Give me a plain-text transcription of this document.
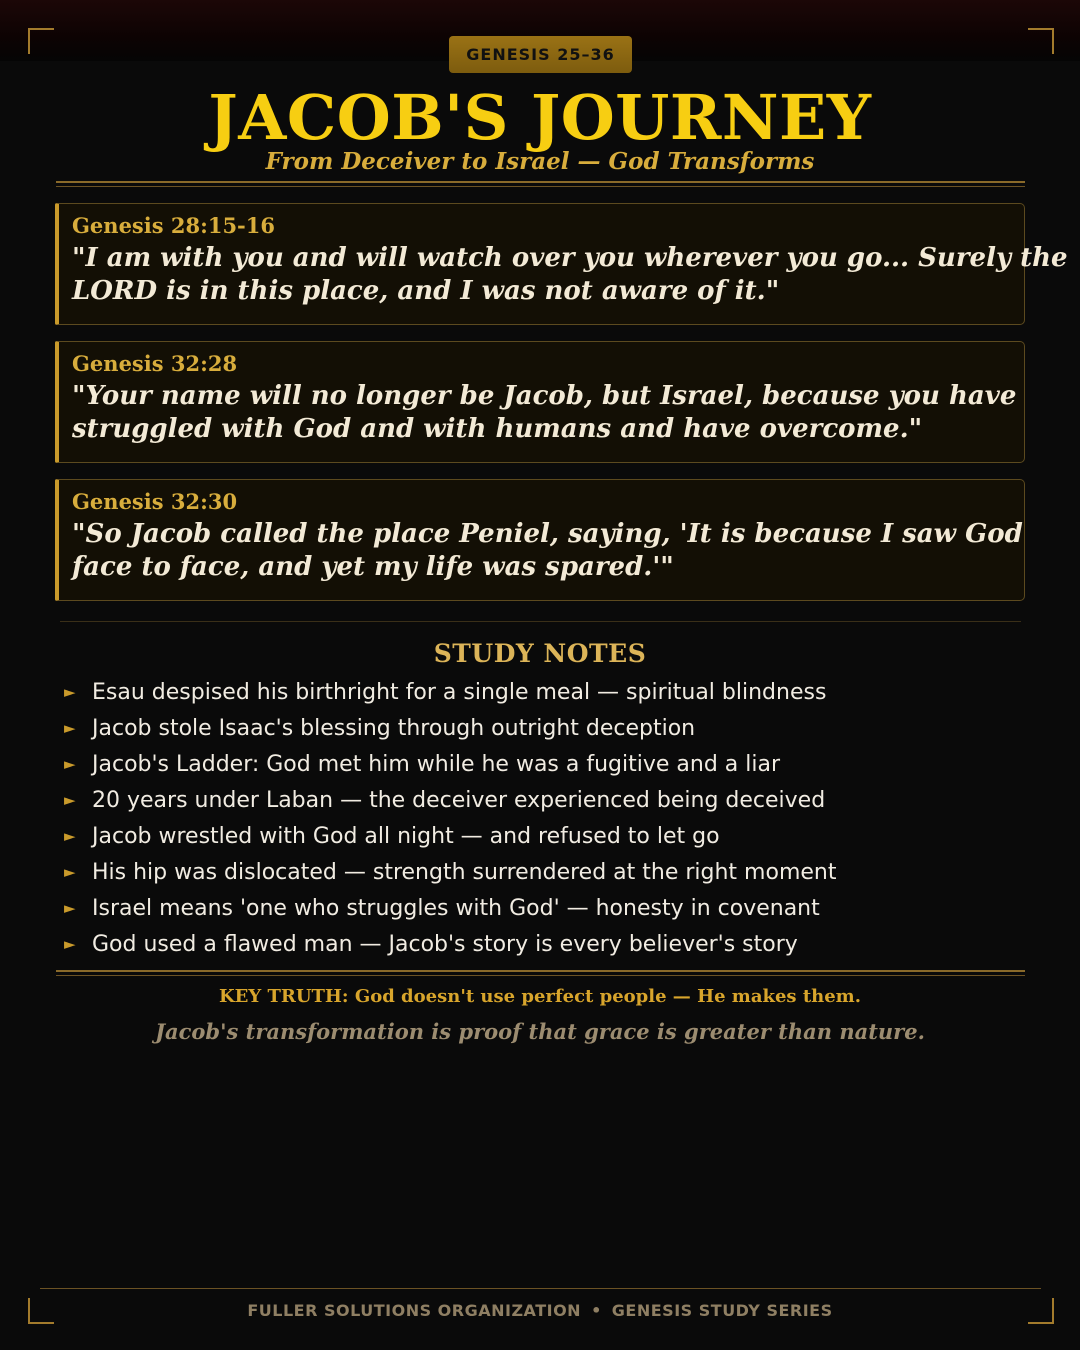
GENESIS 25–36
JACOB'S JOURNEY
From Deceiver to Israel — God Transforms
Genesis 28:15-16
"I am with you and will watch over you wherever you go... Surely the LORD is in this place, and I was not aware of it."
Genesis 32:28
"Your name will no longer be Jacob, but Israel, because you have struggled with God and with humans and have overcome."
Genesis 32:30
"So Jacob called the place Peniel, saying, 'It is because I saw God face to face, and yet my life was spared.'"
STUDY NOTES
► Esau despised his birthright for a single meal — spiritual blindness
► Jacob stole Isaac's blessing through outright deception
► Jacob's Ladder: God met him while he was a fugitive and a liar
► 20 years under Laban — the deceiver experienced being deceived
► Jacob wrestled with God all night — and refused to let go
► His hip was dislocated — strength surrendered at the right moment
► Israel means 'one who struggles with God' — honesty in covenant
► God used a flawed man — Jacob's story is every believer's story
KEY TRUTH: God doesn't use perfect people — He makes them.
Jacob's transformation is proof that grace is greater than nature.
FULLER SOLUTIONS ORGANIZATION • GENESIS STUDY SERIES
